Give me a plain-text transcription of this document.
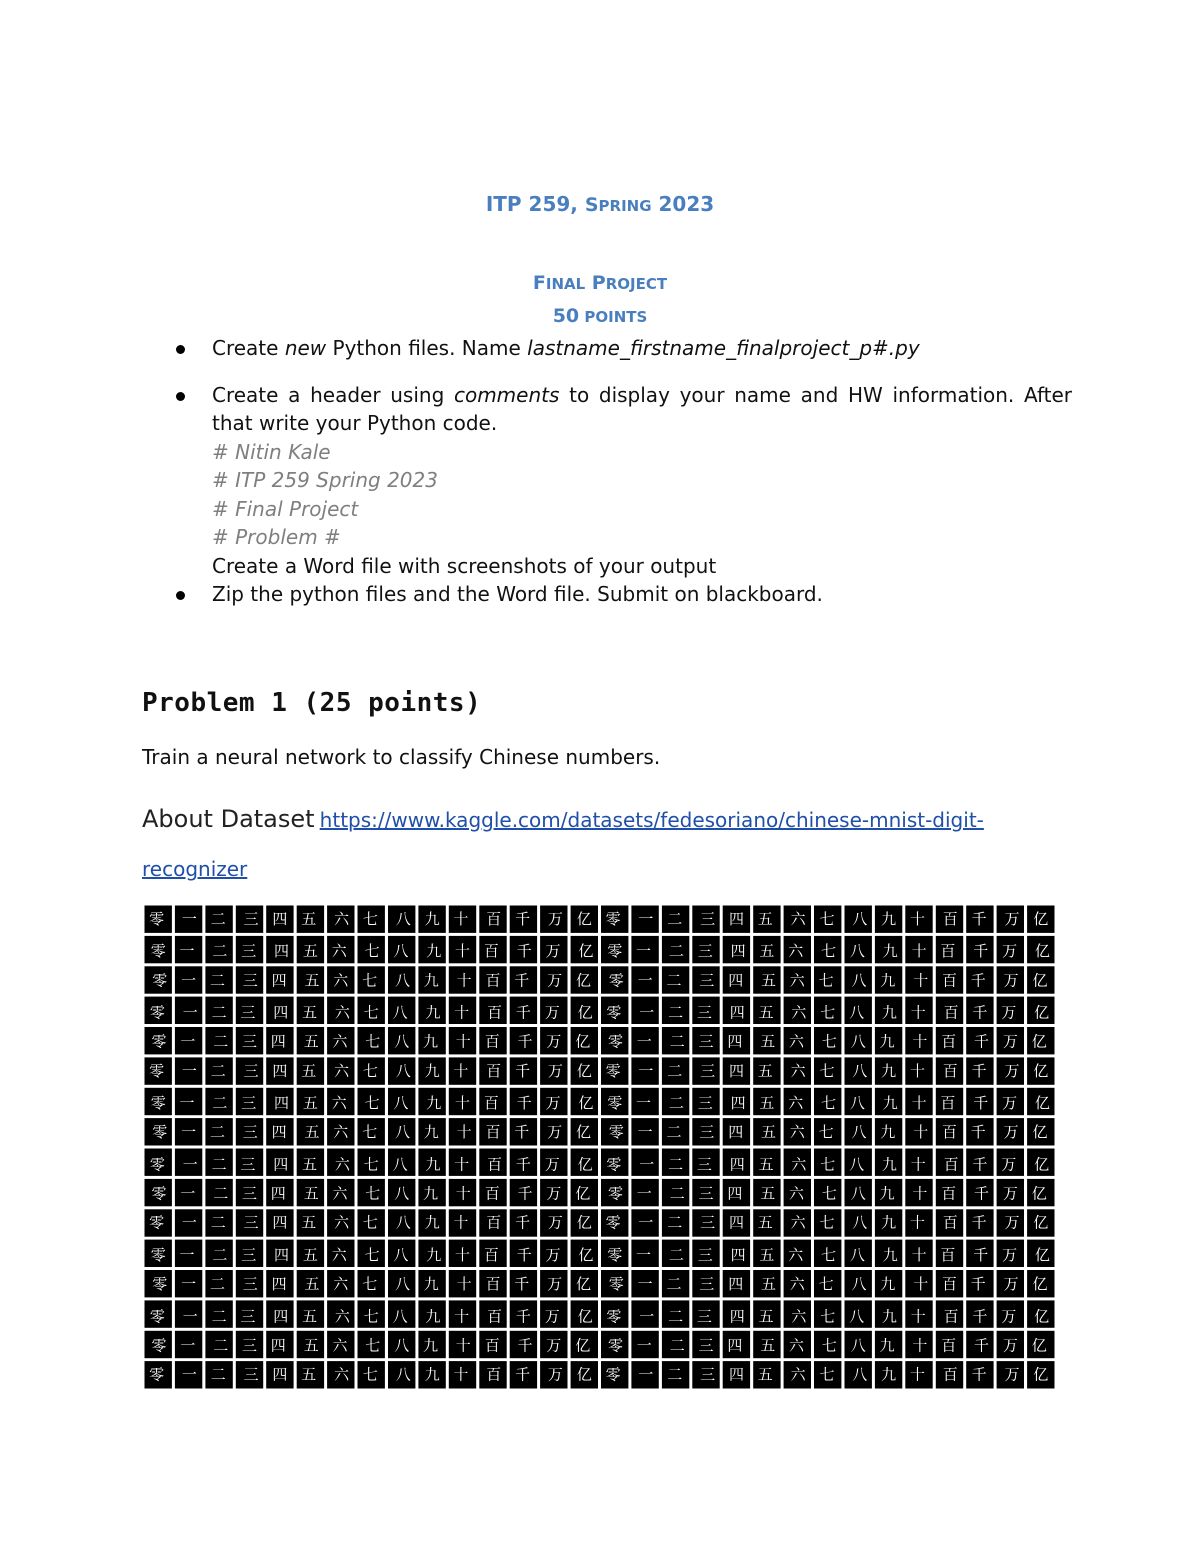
ITP 259, SPRING 2023
FINAL PROJECT
50 POINTS
Create new Python files. Name lastname_firstname_finalproject_p#.py
Create a header using comments to display your name and HW information. After that write your Python code.
# Nitin Kale
# ITP 259 Spring 2023
# Final Project
# Problem #
Create a Word file with screenshots of your output
Zip the python files and the Word file. Submit on blackboard.
Problem 1 (25 points)
Train a neural network to classify Chinese numbers.
About Dataset https://www.kaggle.com/datasets/fedesoriano/chinese-mnist-digit-
recognizer
零 一 二 三 四 五 六 七 八 九 十 百 千 万 亿 零 一 二 三 四 五 六 七 八 九 十 百 千 万 亿
零 一 二 三 四 五 六 七 八 九 十 百 千 万 亿 零 一 二 三 四 五 六 七 八 九 十 百 千 万 亿
零 一 二 三 四 五 六 七 八 九 十 百 千 万 亿 零 一 二 三 四 五 六 七 八 九 十 百 千 万 亿
零 一 二 三 四 五 六 七 八 九 十 百 千 万 亿 零 一 二 三 四 五 六 七 八 九 十 百 千 万 亿
零 一 二 三 四 五 六 七 八 九 十 百 千 万 亿 零 一 二 三 四 五 六 七 八 九 十 百 千 万 亿
零 一 二 三 四 五 六 七 八 九 十 百 千 万 亿 零 一 二 三 四 五 六 七 八 九 十 百 千 万 亿
零 一 二 三 四 五 六 七 八 九 十 百 千 万 亿 零 一 二 三 四 五 六 七 八 九 十 百 千 万 亿
零 一 二 三 四 五 六 七 八 九 十 百 千 万 亿 零 一 二 三 四 五 六 七 八 九 十 百 千 万 亿
零 一 二 三 四 五 六 七 八 九 十 百 千 万 亿 零 一 二 三 四 五 六 七 八 九 十 百 千 万 亿
零 一 二 三 四 五 六 七 八 九 十 百 千 万 亿 零 一 二 三 四 五 六 七 八 九 十 百 千 万 亿
零 一 二 三 四 五 六 七 八 九 十 百 千 万 亿 零 一 二 三 四 五 六 七 八 九 十 百 千 万 亿
零 一 二 三 四 五 六 七 八 九 十 百 千 万 亿 零 一 二 三 四 五 六 七 八 九 十 百 千 万 亿
零 一 二 三 四 五 六 七 八 九 十 百 千 万 亿 零 一 二 三 四 五 六 七 八 九 十 百 千 万 亿
零 一 二 三 四 五 六 七 八 九 十 百 千 万 亿 零 一 二 三 四 五 六 七 八 九 十 百 千 万 亿
零 一 二 三 四 五 六 七 八 九 十 百 千 万 亿 零 一 二 三 四 五 六 七 八 九 十 百 千 万 亿
零 一 二 三 四 五 六 七 八 九 十 百 千 万 亿 零 一 二 三 四 五 六 七 八 九 十 百 千 万 亿
